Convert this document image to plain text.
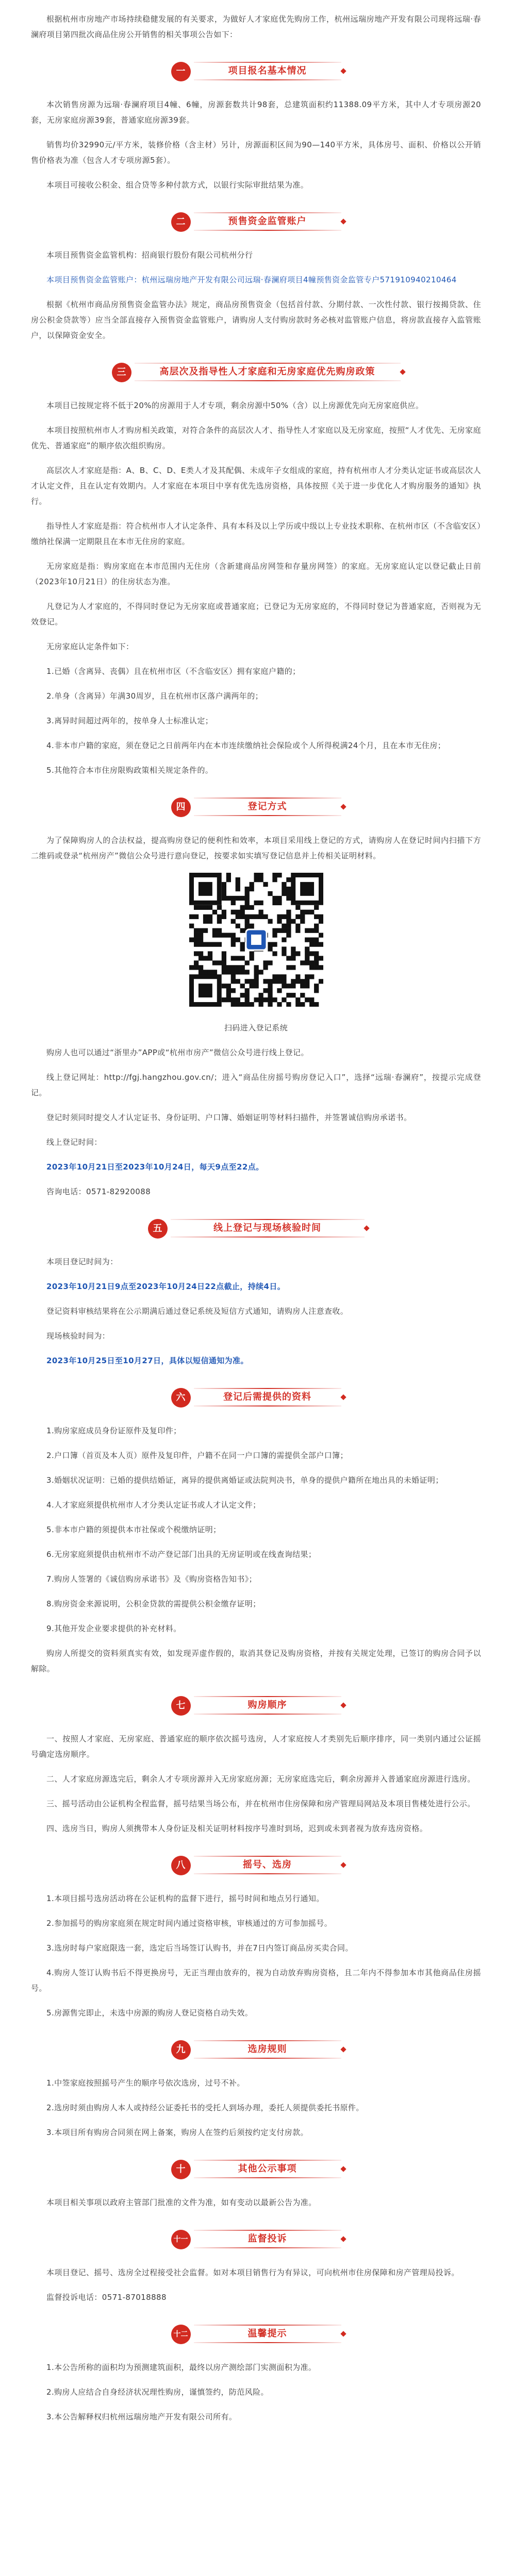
根据杭州市房地产市场持续稳健发展的有关要求，为做好人才家庭优先购房工作，杭州远瑞房地产开发有限公司现将远瑞·春澜府项目第四批次商品住房公开销售的相关事项公告如下：

一	项目报名基本情况

本次销售房源为远瑞·春澜府项目4幢、6幢，房源套数共计98套，总建筑面积约11388.09平方米，其中人才专项房源20套，无房家庭房源39套，普通家庭房源39套。

销售均价32990元/平方米，装修价格（含主材）另计，房源面积区间为90—140平方米，具体房号、面积、价格以公开销售价格表为准（包含人才专项房源5套）。

本项目可接收公积金、组合贷等多种付款方式，以银行实际审批结果为准。

二	预售资金监管账户

本项目预售资金监管机构：招商银行股份有限公司杭州分行

本项目预售资金监管账户：杭州远瑞房地产开发有限公司远瑞·春澜府项目4幢预售资金监管专户571910940210464

根据《杭州市商品房预售资金监管办法》规定，商品房预售资金（包括首付款、分期付款、一次性付款、银行按揭贷款、住房公积金贷款等）应当全部直接存入预售资金监管账户，请购房人支付购房款时务必核对监管账户信息，将房款直接存入监管账户，以保障资金安全。

三	高层次及指导性人才家庭和无房家庭优先购房政策

本项目已按规定将不低于20%的房源用于人才专项，剩余房源中50%（含）以上房源优先向无房家庭供应。

本项目按照杭州市人才购房相关政策，对符合条件的高层次人才、指导性人才家庭以及无房家庭，按照“人才优先、无房家庭优先、普通家庭”的顺序依次组织购房。

高层次人才家庭是指：A、B、C、D、E类人才及其配偶、未成年子女组成的家庭，持有杭州市人才分类认定证书或高层次人才认定文件，且在认定有效期内。人才家庭在本项目中享有优先选房资格，具体按照《关于进一步优化人才购房服务的通知》执行。

指导性人才家庭是指：符合杭州市人才认定条件、具有本科及以上学历或中级以上专业技术职称、在杭州市区（不含临安区）缴纳社保满一定期限且在本市无住房的家庭。

无房家庭是指：购房家庭在本市范围内无住房（含新建商品房网签和存量房网签）的家庭。无房家庭认定以登记截止日前（2023年10月21日）的住房状态为准。

凡登记为人才家庭的，不得同时登记为无房家庭或普通家庭；已登记为无房家庭的，不得同时登记为普通家庭，否则视为无效登记。

无房家庭认定条件如下：

1.已婚（含离异、丧偶）且在杭州市区（不含临安区）拥有家庭户籍的；

2.单身（含离异）年满30周岁，且在杭州市区落户满两年的；

3.离异时间超过两年的，按单身人士标准认定；

4.非本市户籍的家庭，须在登记之日前两年内在本市连续缴纳社会保险或个人所得税满24个月，且在本市无住房；

5.其他符合本市住房限购政策相关规定条件的。

四	登记方式

为了保障购房人的合法权益，提高购房登记的便利性和效率，本项目采用线上登记的方式，请购房人在登记时间内扫描下方二维码或登录“杭州房产”微信公众号进行意向登记，按要求如实填写登记信息并上传相关证明材料。

扫码进入登记系统

购房人也可以通过“浙里办”APP或“杭州市房产”微信公众号进行线上登记。

线上登记网址：http://fgj.hangzhou.gov.cn/；进入“商品住房摇号购房登记入口”，选择“远瑞·春澜府”，按提示完成登记。

登记时须同时提交人才认定证书、身份证明、户口簿、婚姻证明等材料扫描件，并签署诚信购房承诺书。

线上登记时间：

2023年10月21日至2023年10月24日，每天9点至22点。

咨询电话：0571-82920088

五	线上登记与现场核验时间

本项目登记时间为：

2023年10月21日9点至2023年10月24日22点截止，持续4日。

登记资料审核结果将在公示期满后通过登记系统及短信方式通知，请购房人注意查收。

现场核验时间为：

2023年10月25日至10月27日，具体以短信通知为准。

六	登记后需提供的资料

1.购房家庭成员身份证原件及复印件；

2.户口簿（首页及本人页）原件及复印件，户籍不在同一户口簿的需提供全部户口簿；

3.婚姻状况证明：已婚的提供结婚证，离异的提供离婚证或法院判决书，单身的提供户籍所在地出具的未婚证明；

4.人才家庭须提供杭州市人才分类认定证书或人才认定文件；

5.非本市户籍的须提供本市社保或个税缴纳证明；

6.无房家庭须提供由杭州市不动产登记部门出具的无房证明或在线查询结果；

7.购房人签署的《诚信购房承诺书》及《购房资格告知书》；

8.购房资金来源说明，公积金贷款的需提供公积金缴存证明；

9.其他开发企业要求提供的补充材料。

购房人所提交的资料须真实有效，如发现弄虚作假的，取消其登记及购房资格，并按有关规定处理，已签订的购房合同予以解除。

七	购房顺序

一、按照人才家庭、无房家庭、普通家庭的顺序依次摇号选房，人才家庭按人才类别先后顺序排序，同一类别内通过公证摇号确定选房顺序。

二、人才家庭房源选完后，剩余人才专项房源并入无房家庭房源；无房家庭选完后，剩余房源并入普通家庭房源进行选房。

三、摇号活动由公证机构全程监督，摇号结果当场公布，并在杭州市住房保障和房产管理局网站及本项目售楼处进行公示。

四、选房当日，购房人须携带本人身份证及相关证明材料按序号准时到场，迟到或未到者视为放弃选房资格。

八	摇号、选房

1.本项目摇号选房活动将在公证机构的监督下进行，摇号时间和地点另行通知。

2.参加摇号的购房家庭须在规定时间内通过资格审核，审核通过的方可参加摇号。

3.选房时每户家庭限选一套，选定后当场签订认购书，并在7日内签订商品房买卖合同。

4.购房人签订认购书后不得更换房号，无正当理由放弃的，视为自动放弃购房资格，且二年内不得参加本市其他商品住房摇号。

5.房源售完即止，未选中房源的购房人登记资格自动失效。

九	选房规则

1.中签家庭按照摇号产生的顺序号依次选房，过号不补。

2.选房时须由购房人本人或持经公证委托书的受托人到场办理，委托人须提供委托书原件。

3.本项目所有购房合同须在网上备案，购房人在签约后须按约定支付房款。

十	其他公示事项

本项目相关事项以政府主管部门批准的文件为准，如有变动以最新公告为准。

十一	监督投诉

本项目登记、摇号、选房全过程接受社会监督。如对本项目销售行为有异议，可向杭州市住房保障和房产管理局投诉。

监督投诉电话：0571-87018888

十二	温馨提示

1.本公告所称的面积均为预测建筑面积，最终以房产测绘部门实测面积为准。

2.购房人应结合自身经济状况理性购房，谨慎签约，防范风险。

3.本公告解释权归杭州远瑞房地产开发有限公司所有。
